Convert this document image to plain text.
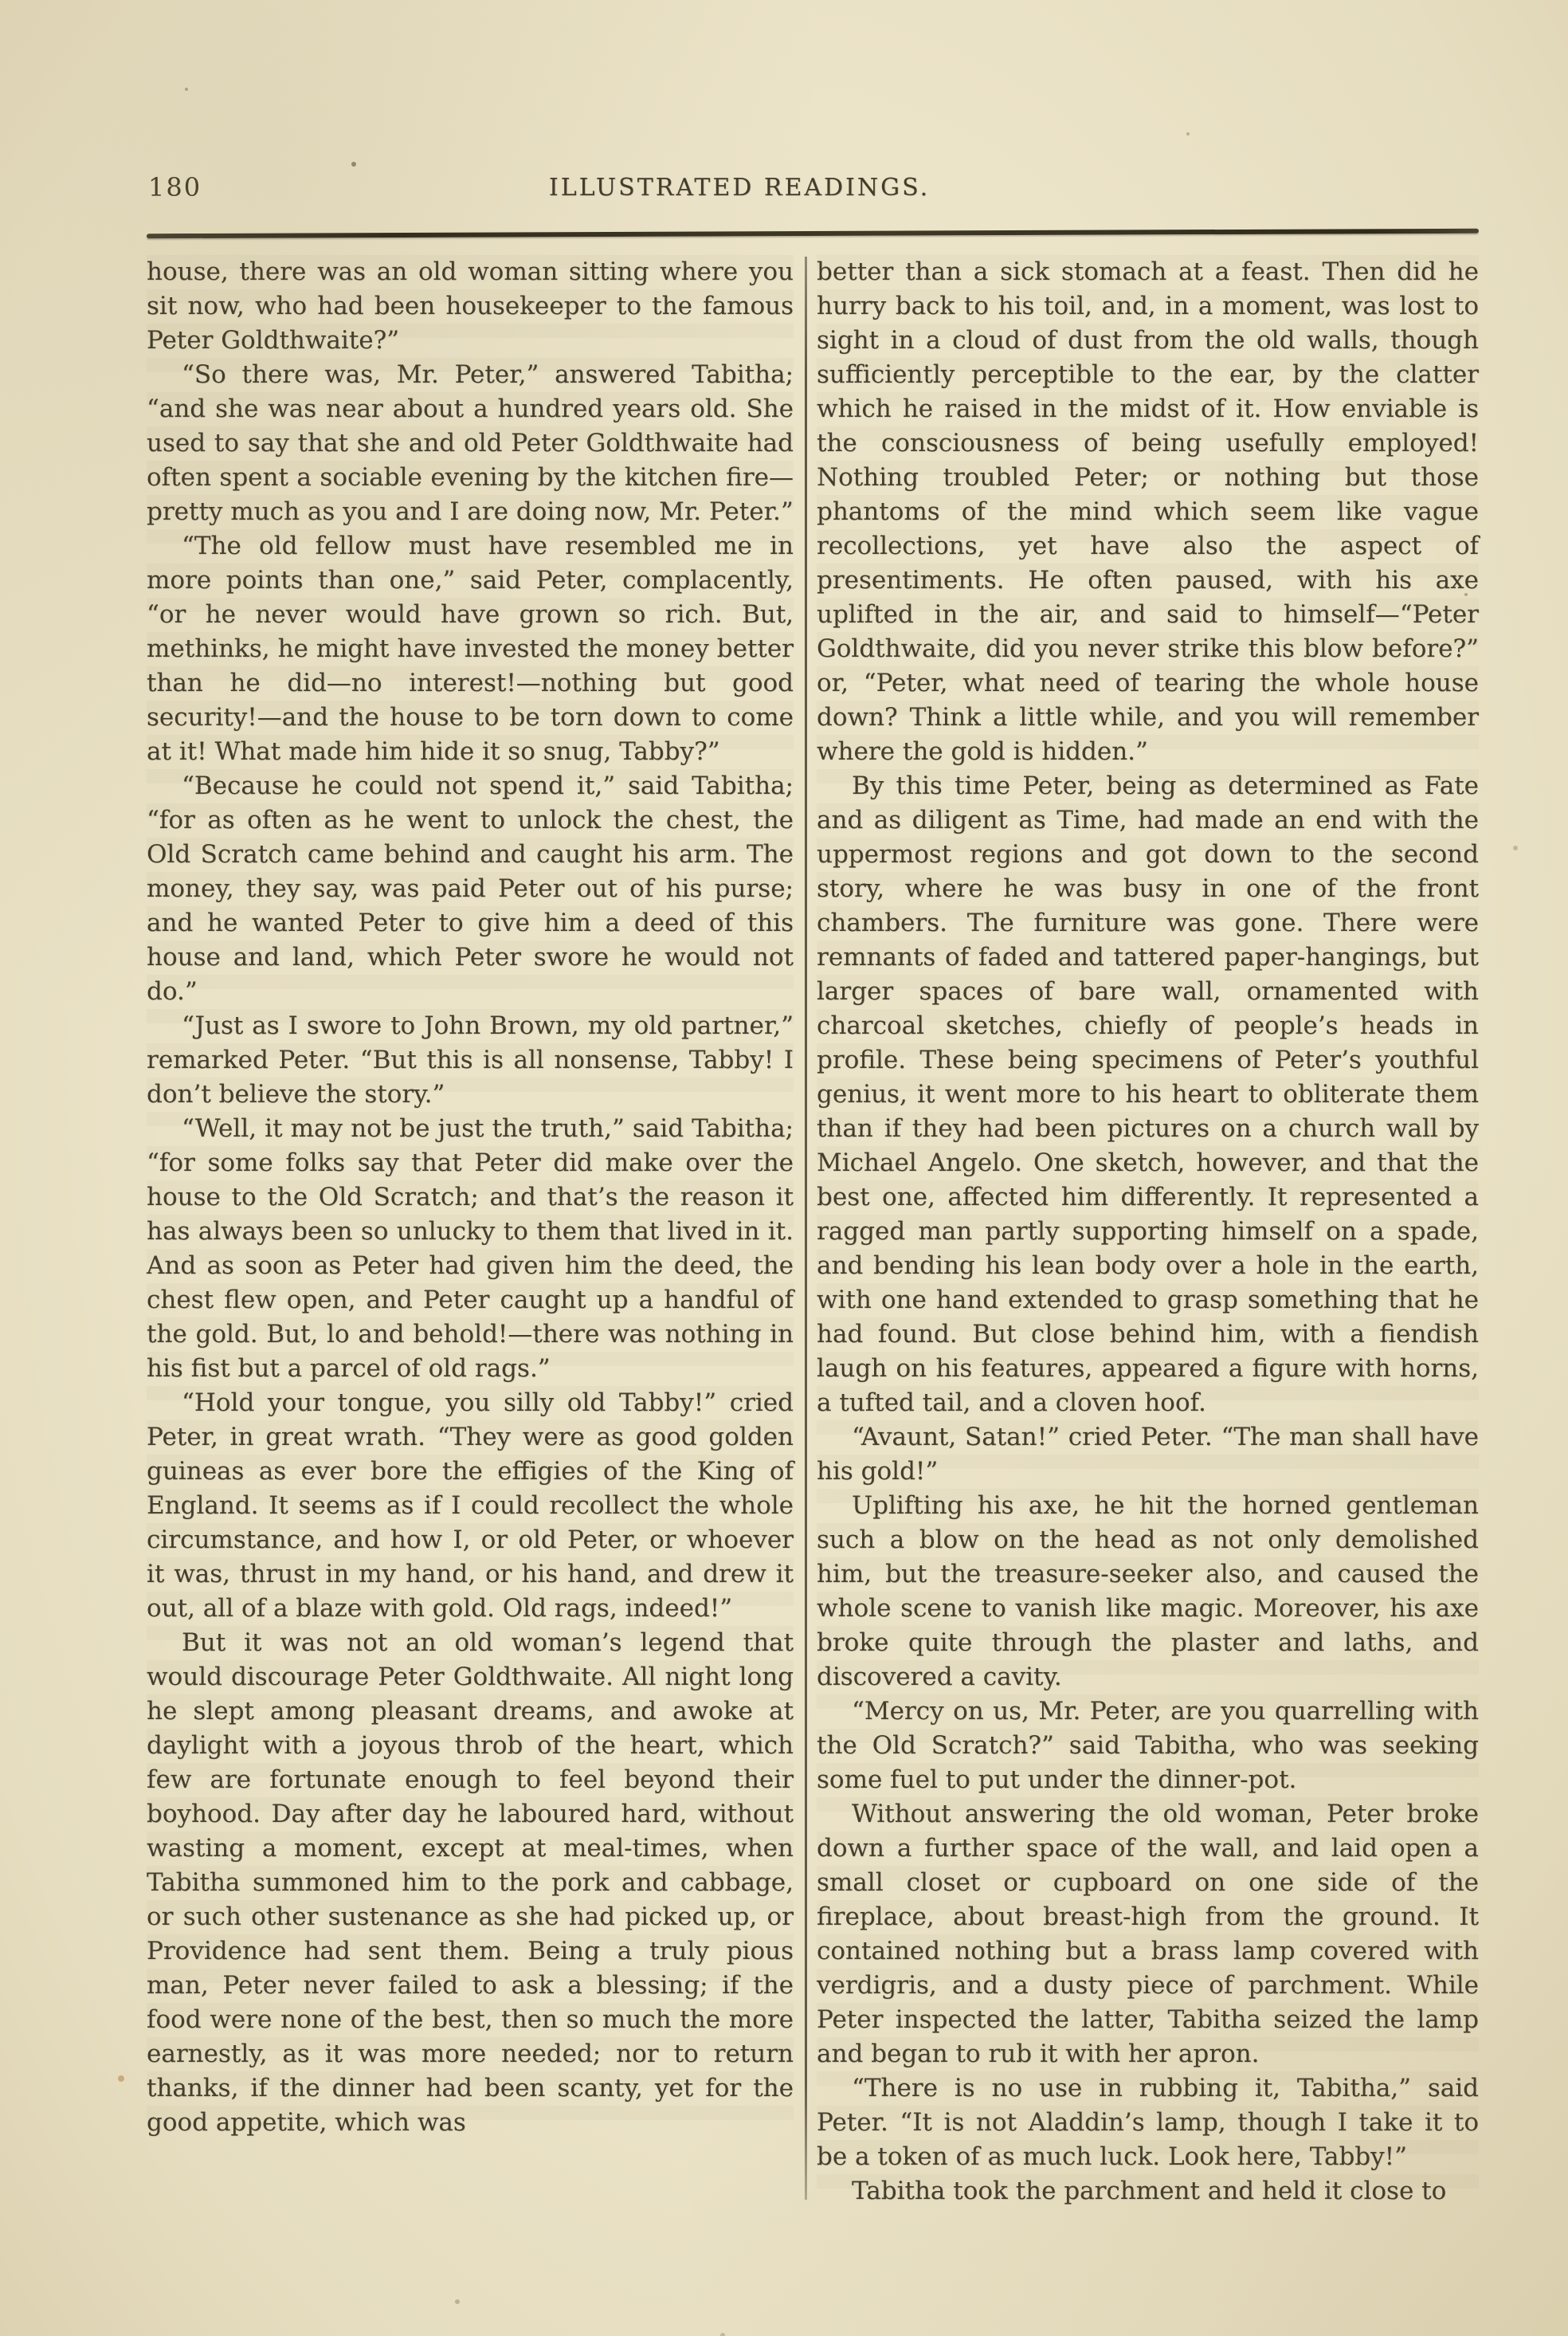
180	ILLUSTRATED READINGS.

house, there was an old woman sitting where you sit now, who had been housekeeper to the famous Peter Goldthwaite?”

“So there was, Mr. Peter,” answered Tabitha; “and she was near about a hundred years old. She used to say that she and old Peter Goldthwaite had often spent a sociable evening by the kitchen fire—pretty much as you and I are doing now, Mr. Peter.”

“The old fellow must have resembled me in more points than one,” said Peter, complacently, “or he never would have grown so rich. But, methinks, he might have invested the money better than he did—no interest!—nothing but good security!—and the house to be torn down to come at it! What made him hide it so snug, Tabby?”

“Because he could not spend it,” said Tabitha; “for as often as he went to unlock the chest, the Old Scratch came behind and caught his arm. The money, they say, was paid Peter out of his purse; and he wanted Peter to give him a deed of this house and land, which Peter swore he would not do.”

“Just as I swore to John Brown, my old partner,” remarked Peter. “But this is all nonsense, Tabby! I don’t believe the story.”

“Well, it may not be just the truth,” said Tabitha; “for some folks say that Peter did make over the house to the Old Scratch; and that’s the reason it has always been so unlucky to them that lived in it. And as soon as Peter had given him the deed, the chest flew open, and Peter caught up a handful of the gold. But, lo and behold!—there was nothing in his fist but a parcel of old rags.”

“Hold your tongue, you silly old Tabby!” cried Peter, in great wrath. “They were as good golden guineas as ever bore the effigies of the King of England. It seems as if I could recollect the whole circumstance, and how I, or old Peter, or whoever it was, thrust in my hand, or his hand, and drew it out, all of a blaze with gold. Old rags, indeed!”

But it was not an old woman’s legend that would discourage Peter Goldthwaite. All night long he slept among pleasant dreams, and awoke at daylight with a joyous throb of the heart, which few are fortunate enough to feel beyond their boyhood. Day after day he laboured hard, without wasting a moment, except at meal-times, when Tabitha summoned him to the pork and cabbage, or such other sustenance as she had picked up, or Providence had sent them. Being a truly pious man, Peter never failed to ask a blessing; if the food were none of the best, then so much the more earnestly, as it was more needed; nor to return thanks, if the dinner had been scanty, yet for the good appetite, which was

better than a sick stomach at a feast. Then did he hurry back to his toil, and, in a moment, was lost to sight in a cloud of dust from the old walls, though sufficiently perceptible to the ear, by the clatter which he raised in the midst of it. How enviable is the consciousness of being usefully employed! Nothing troubled Peter; or nothing but those phantoms of the mind which seem like vague recollections, yet have also the aspect of presentiments. He often paused, with his axe uplifted in the air, and said to himself—“Peter Goldthwaite, did you never strike this blow before?” or, “Peter, what need of tearing the whole house down? Think a little while, and you will remember where the gold is hidden.”

By this time Peter, being as determined as Fate and as diligent as Time, had made an end with the uppermost regions and got down to the second story, where he was busy in one of the front chambers. The furniture was gone. There were remnants of faded and tattered paper-hangings, but larger spaces of bare wall, ornamented with charcoal sketches, chiefly of people’s heads in profile. These being specimens of Peter’s youthful genius, it went more to his heart to obliterate them than if they had been pictures on a church wall by Michael Angelo. One sketch, however, and that the best one, affected him differently. It represented a ragged man partly supporting himself on a spade, and bending his lean body over a hole in the earth, with one hand extended to grasp something that he had found. But close behind him, with a fiendish laugh on his features, appeared a figure with horns, a tufted tail, and a cloven hoof.

“Avaunt, Satan!” cried Peter. “The man shall have his gold!”

Uplifting his axe, he hit the horned gentleman such a blow on the head as not only demolished him, but the treasure-seeker also, and caused the whole scene to vanish like magic. Moreover, his axe broke quite through the plaster and laths, and discovered a cavity.

“Mercy on us, Mr. Peter, are you quarrelling with the Old Scratch?” said Tabitha, who was seeking some fuel to put under the dinner-pot.

Without answering the old woman, Peter broke down a further space of the wall, and laid open a small closet or cupboard on one side of the fireplace, about breast-high from the ground. It contained nothing but a brass lamp covered with verdigris, and a dusty piece of parchment. While Peter inspected the latter, Tabitha seized the lamp and began to rub it with her apron.

“There is no use in rubbing it, Tabitha,” said Peter. “It is not Aladdin’s lamp, though I take it to be a token of as much luck. Look here, Tabby!”

Tabitha took the parchment and held it close to
